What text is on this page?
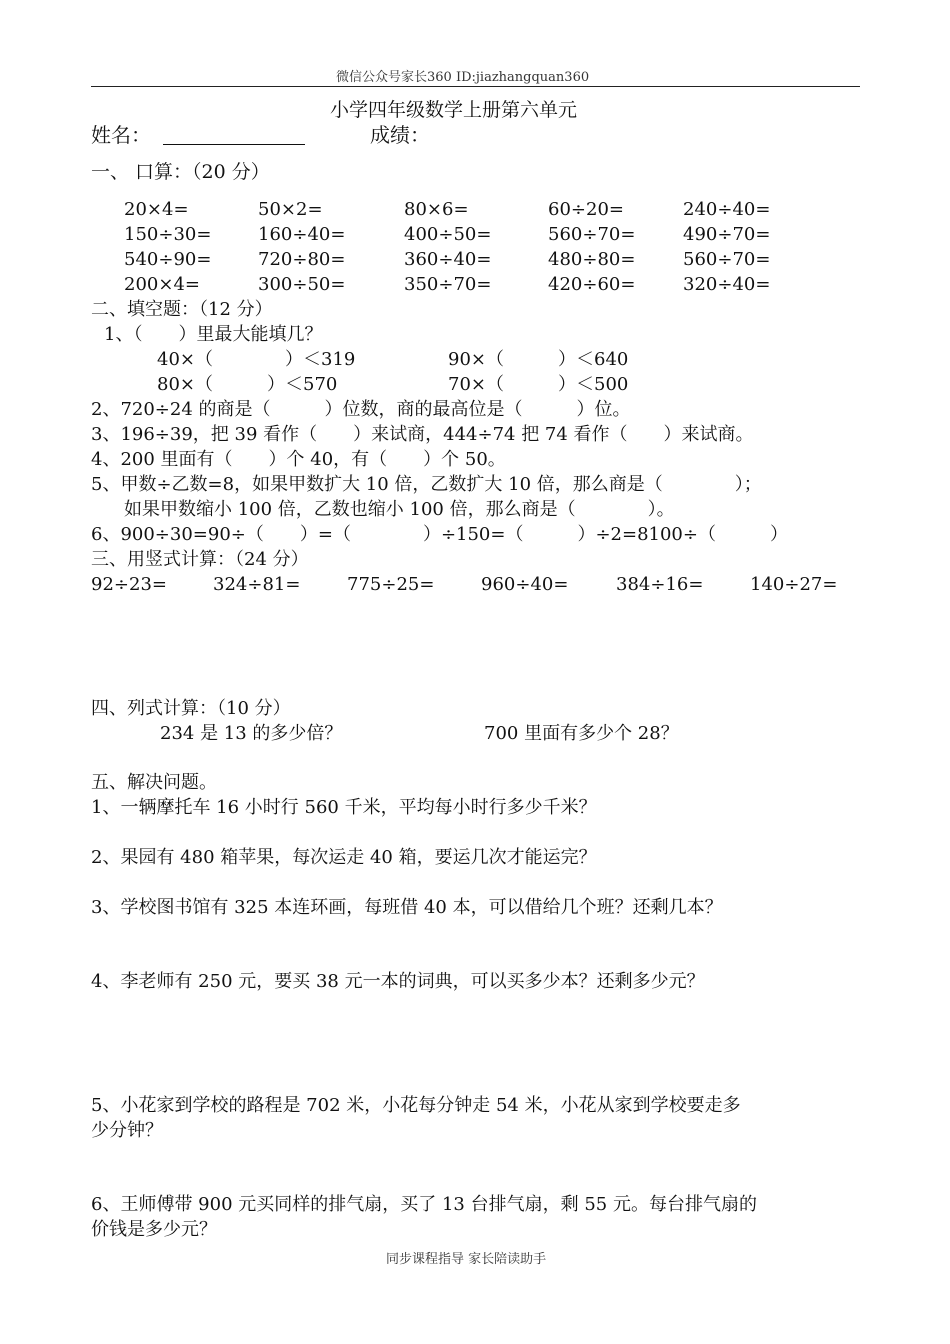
微信公众号家长360 ID:jiazhangquan360
小学四年级数学上册第六单元
姓名：	成绩：
一、 口算：（20 分）
20×4=	50×2=	80×6=	60÷20=	240÷40=
150÷30=	160÷40=	400÷50=	560÷70=	490÷70=
540÷90=	720÷80=	360÷40=	480÷80=	560÷70=
200×4=	300÷50=	350÷70=	420÷60=	320÷40=
二、填空题：（12 分）
1、（　　）里最大能填几？
40×（　　　　）＜319	90×（　　　）＜640
80×（　　　）＜570	70×（　　　）＜500
2、720÷24 的商是（　　　）位数，商的最高位是（　　　）位。
3、196÷39，把 39 看作（　　）来试商，444÷74 把 74 看作（　　）来试商。
4、200 里面有（　　）个 40，有（　　）个 50。
5、甲数÷乙数=8，如果甲数扩大 10 倍，乙数扩大 10 倍，那么商是（　　　　）；
如果甲数缩小 100 倍，乙数也缩小 100 倍，那么商是（　　　　）。
6、900÷30=90÷（　　）=（　　　　）÷150=（　　　）÷2=8100÷（　　　）
三、用竖式计算：（24 分）
92÷23=	324÷81=	775÷25=	960÷40=	384÷16=	140÷27=
四、列式计算：（10 分）
234 是 13 的多少倍？	700 里面有多少个 28？
五、解决问题。
1、一辆摩托车 16 小时行 560 千米，平均每小时行多少千米？
2、果园有 480 箱苹果，每次运走 40 箱，要运几次才能运完？
3、学校图书馆有 325 本连环画，每班借 40 本，可以借给几个班？还剩几本？
4、李老师有 250 元，要买 38 元一本的词典，可以买多少本？还剩多少元？
5、小花家到学校的路程是 702 米，小花每分钟走 54 米，小花从家到学校要走多
少分钟？
6、王师傅带 900 元买同样的排气扇，买了 13 台排气扇，剩 55 元。每台排气扇的
价钱是多少元？
同步课程指导 家长陪读助手
